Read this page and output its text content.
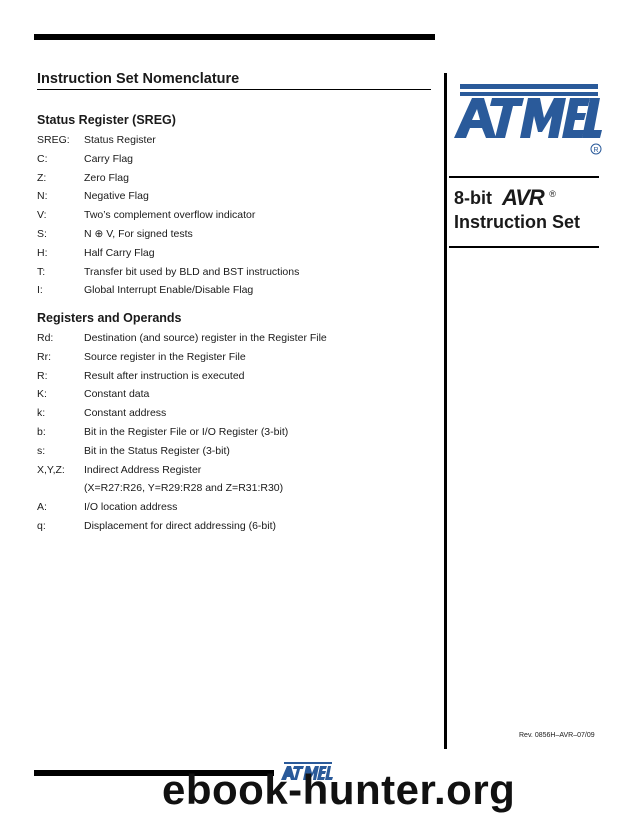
Instruction Set Nomenclature
Status Register (SREG)
SREG: Status Register
C:	Carry Flag
Z:	Zero Flag
N:	Negative Flag
V:	Two’s complement overflow indicator
S:	N ⊕ V, For signed tests
H:	Half Carry Flag
T:	Transfer bit used by BLD and BST instructions
I:	Global Interrupt Enable/Disable Flag
Registers and Operands
Rd:	Destination (and source) register in the Register File
Rr:	Source register in the Register File
R:	Result after instruction is executed
K:	Constant data
k:	Constant address
b:	Bit in the Register File or I/O Register (3-bit)
s:	Bit in the Status Register (3-bit)
X,Y,Z: Indirect Address Register
(X=R27:R26, Y=R29:R28 and Z=R31:R30)
A:	I/O location address
q:	Displacement for direct addressing (6-bit)
R
8-bit AVR ®
Instruction Set
Rev. 0856H–AVR–07/09
ebook-hunter.org
